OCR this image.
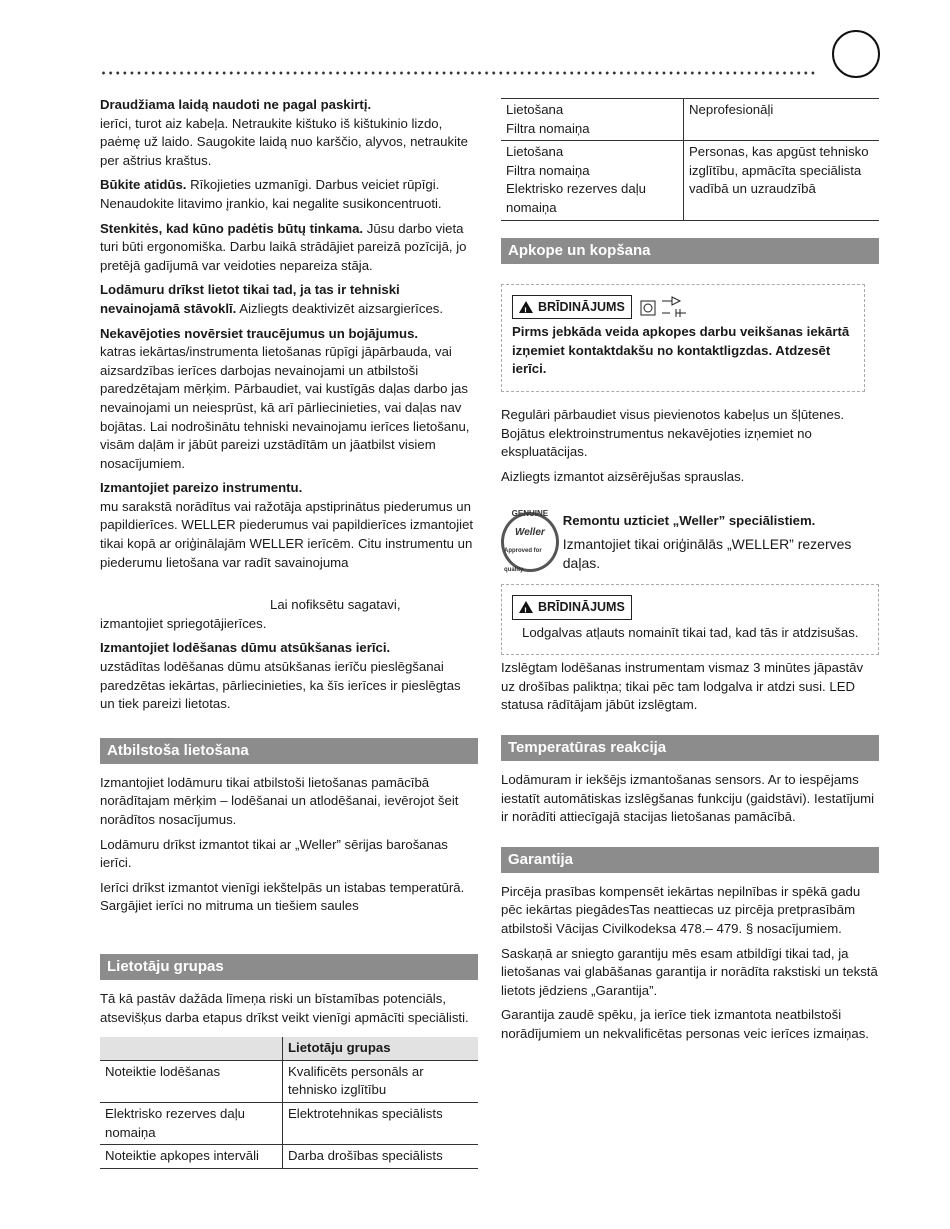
Draudžiama laidą naudoti ne pagal paskirtį.
ierīci, turot aiz kabeļa. Netraukite kištuko iš kištukinio lizdo, paėmę už laido. Saugokite laidą nuo karščio, alyvos, netraukite per aštrius kraštus.

Būkite atidūs. Rīkojieties uzmanīgi. Darbus veiciet rūpīgi. Nenaudokite litavimo įrankio, kai negalite susikoncentruoti.

Stenkitės, kad kūno padėtis būtų tinkama. Jūsu darbo vieta turi būti ergonomiška. Darbu laikā strādājiet pareizā pozīcijā, jo pretējā gadījumā var veidoties nepareiza stāja.

Lodāmuru drīkst lietot tikai tad, ja tas ir tehniski nevainojamā stāvoklī. Aizliegts deaktivizēt aizsargierīces.

Nekavējoties novērsiet traucējumus un bojājumus.
katras iekārtas/instrumenta lietošanas rūpīgi jāpārbauda, vai aizsardzības ierīces darbojas nevainojami un atbilstoši paredzētajam mērķim. Pārbaudiet, vai kustīgās daļas darbo jas nevainojami un neiesprūst, kā arī pārliecinieties, vai daļas nav bojātas. Lai nodrošinātu tehniski nevainojamu ierīces lietošanu, visām daļām ir jābūt pareizi uzstādītām un jāatbilst visiem nosacījumiem.

Izmantojiet pareizo instrumentu.
mu sarakstā norādītus vai ražotāja apstiprinātus piederumus un papildierīces. WELLER piederumus vai papildierīces izmantojiet tikai kopā ar oriģinālajām WELLER ierīcēm. Citu instrumentu un piederumu lietošana var radīt savainojuma

Lai nofiksētu sagatavi,
izmantojiet spriegotājierīces.

Izmantojiet lodēšanas dūmu atsūkšanas ierīci.
uzstādītas lodēšanas dūmu atsūkšanas ierīču pieslēgšanai paredzētas iekārtas, pārliecinieties, ka šīs ierīces ir pieslēgtas un tiek pareizi lietotas.

Atbilstoša lietošana

Izmantojiet lodāmuru tikai atbilstoši lietošanas pamācībā norādītajam mērķim – lodēšanai un atlodēšanai, ievērojot šeit norādītos nosacījumus.

Lodāmuru drīkst izmantot tikai ar „Weller” sērijas barošanas ierīci.

Ierīci drīkst izmantot vienīgi iekštelpās un istabas temperatūrā. Sargājiet ierīci no mitruma un tiešiem saules

Lietotāju grupas

Tā kā pastāv dažāda līmeņa riski un bīstamības potenciāls, atsevišķus darba etapus drīkst veikt vienīgi apmācīti speciālisti.

	Lietotāju grupas
Noteiktie lodēšanas	Kvalificēts personāls ar tehnisko izglītību
Elektrisko rezerves daļu nomaiņa	Elektrotehnikas speciālists
Noteiktie apkopes intervāli	Darba drošības speciālists
Lietošana
Filtra nomaiņa	Neprofesionāļi
Lietošana
Filtra nomaiņa
Elektrisko rezerves daļu
nomaiņa	Personas, kas apgūst tehnisko izglītību, apmācīta speciālista vadībā un uzraudzībā
Apkope un kopšana
!
BRĪDINĀJUMS

Pirms jebkāda veida apkopes darbu veikšanas iekārtā izņemiet kontaktdakšu no kontaktligzdas. Atdzesēt ierīci.

Regulāri pārbaudiet visus pievienotos kabeļus un šļūtenes. Bojātus elektroinstrumentus nekavējoties izņemiet no ekspluatācijas.

Aizliegts izmantot aizsērējušas sprauslas.

GENUINE
Weller
Approved for quality

Remontu uzticiet „Weller” speciālistiem.

Izmantojiet tikai oriģinālās „WELLER” rezerves daļas.

!
BRĪDINĀJUMS

Lodgalvas atļauts nomainīt tikai tad, kad tās ir atdzisušas.

Izslēgtam lodēšanas instrumentam vismaz 3 minūtes jāpastāv uz drošības paliktņa; tikai pēc tam lodgalva ir atdzi susi. LED statusa rādītājam jābūt izslēgtam.

Temperatūras reakcija

Lodāmuram ir iekšējs izmantošanas sensors. Ar to iespējams iestatīt automātiskas izslēgšanas funkciju (gaidstāvi). Iestatījumi ir norādīti attiecīgajā stacijas lietošanas pamācībā.

Garantija

Pircēja prasības kompensēt iekārtas nepilnības ir spēkā gadu pēc iekārtas piegādesTas neattiecas uz pircēja pretprasībām atbilstoši Vācijas Civilkodeksa 478.– 479. § nosacījumiem.

Saskaņā ar sniegto garantiju mēs esam atbildīgi tikai tad, ja lietošanas vai glabāšanas garantija ir norādīta rakstiski un tekstā lietots jēdziens „Garantija”.

Garantija zaudē spēku, ja ierīce tiek izmantota neatbilstoši norādījumiem un nekvalificētas personas veic ierīces izmaiņas.
